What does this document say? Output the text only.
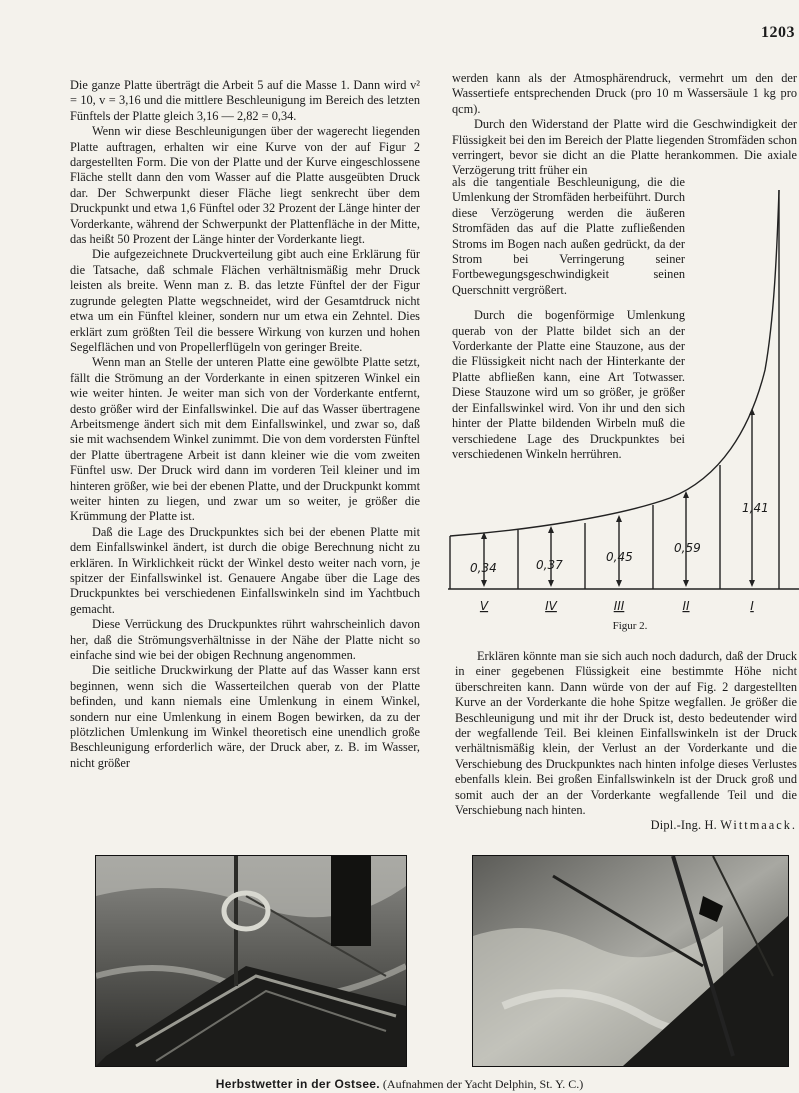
1203

Die ganze Platte überträgt die Arbeit 5 auf die Masse 1. Dann wird v² = 10, v = 3,16 und die mittlere Beschleunigung im Bereich des letzten Fünftels der Platte gleich 3,16 — 2,82 = 0,34.

Wenn wir diese Beschleunigungen über der wagerecht liegenden Platte auftragen, erhalten wir eine Kurve von der auf Figur 2 dargestellten Form. Die von der Platte und der Kurve eingeschlossene Fläche stellt dann den vom Wasser auf die Platte ausgeübten Druck dar. Der Schwerpunkt dieser Fläche liegt senkrecht über dem Druckpunkt und etwa 1,6 Fünftel oder 32 Prozent der Länge hinter der Vorderkante, während der Schwerpunkt der Plattenfläche in der Mitte, das heißt 50 Prozent der Länge hinter der Vorderkante liegt.

Die aufgezeichnete Druckverteilung gibt auch eine Erklärung für die Tatsache, daß schmale Flächen verhältnismäßig mehr Druck leisten als breite. Wenn man z. B. das letzte Fünftel der der Figur zugrunde gelegten Platte wegschneidet, wird der Gesamtdruck nicht etwa um ein Fünftel kleiner, sondern nur um etwa ein Zehntel. Dies erklärt zum größten Teil die bessere Wirkung von kurzen und hohen Segelflächen und von Propellerflügeln von geringer Breite.

Wenn man an Stelle der unteren Platte eine gewölbte Platte setzt, fällt die Strömung an der Vorderkante in einen spitzeren Winkel ein wie weiter hinten. Je weiter man sich von der Vorderkante entfernt, desto größer wird der Einfallswinkel. Die auf das Wasser übertragene Arbeitsmenge ändert sich mit dem Einfallswinkel, und zwar so, daß sie mit wachsendem Winkel zunimmt. Die von dem vordersten Fünftel der Platte übertragene Arbeit ist dann kleiner wie die vom zweiten Fünftel usw. Der Druck wird dann im vorderen Teil kleiner und im hinteren größer, wie bei der ebenen Platte, und der Druckpunkt kommt weiter hinten zu liegen, und zwar um so weiter, je größer die Krümmung der Platte ist.

Daß die Lage des Druckpunktes sich bei der ebenen Platte mit dem Einfallswinkel ändert, ist durch die obige Berechnung nicht zu erklären. In Wirklichkeit rückt der Winkel desto weiter nach vorn, je spitzer der Einfallswinkel ist. Genauere Angabe über die Lage des Druckpunktes bei verschiedenen Einfallswinkeln sind im Yachtbuch gemacht.

Diese Verrückung des Druckpunktes rührt wahrscheinlich davon her, daß die Strömungsverhältnisse in der Nähe der Platte nicht so einfache sind wie bei der obigen Rechnung angenommen.

Die seitliche Druckwirkung der Platte auf das Wasser kann erst beginnen, wenn sich die Wasserteilchen querab von der Platte befinden, und kann niemals eine Umlenkung in einem Winkel, sondern nur eine Umlenkung in einem Bogen bewirken, da zu der plötzlichen Umlenkung im Winkel theoretisch eine unendlich große Beschleunigung erforderlich wäre, der Druck aber, z. B. im Wasser, nicht größer

werden kann als der Atmosphärendruck, vermehrt um den der Wassertiefe entsprechenden Druck (pro 10 m Wassersäule 1 kg pro qcm).

Durch den Widerstand der Platte wird die Geschwindigkeit der Flüssigkeit bei den im Bereich der Platte liegenden Stromfäden schon verringert, bevor sie dicht an die Platte herankommen. Die axiale Verzögerung tritt früher ein

als die tangentiale Beschleunigung, die die Umlenkung der Stromfäden herbeiführt. Durch diese Verzögerung werden die äußeren Stromfäden das auf die Platte zufließenden Stroms im Bogen nach außen gedrückt, da der Strom bei Verringerung seiner Fortbewegungsgeschwindigkeit seinen Querschnitt vergrößert.

Durch die bogenförmige Umlenkung querab von der Platte bildet sich an der Vorderkante der Platte eine Stauzone, aus der die Flüssigkeit nicht nach der Hinterkante der Platte abfließen kann, eine Art Totwasser. Diese Stauzone wird um so größer, je größer der Einfallswinkel wird. Von ihr und den sich hinter der Platte bildenden Wirbeln muß die verschiedene Lage des Druckpunktes bei verschiedenen Winkeln herrühren.

0,34	0,37
0,45
0,59
1,41
V	IV	III	II	I
Figur 2.

Erklären könnte man sie sich auch noch dadurch, daß der Druck in einer gegebenen Flüssigkeit eine bestimmte Höhe nicht überschreiten kann. Dann würde von der auf Fig. 2 dargestellten Kurve an der Vorderkante die hohe Spitze wegfallen. Je größer die Beschleunigung und mit ihr der Druck ist, desto bedeutender wird der wegfallende Teil. Bei kleinen Einfallswinkeln ist der Druck verhältnismäßig klein, der Verlust an der Vorderkante und die Verschiebung des Druckpunktes nach hinten infolge dieses Verlustes ebenfalls klein. Bei großen Einfallswinkeln ist der Druck groß und somit auch der an der Vorderkante wegfallende Teil und die Verschiebung nach hinten.

Dipl.-Ing. H. Wittmaack.
Herbstwetter in der Ostsee. (Aufnahmen der Yacht Delphin, St. Y. C.)
